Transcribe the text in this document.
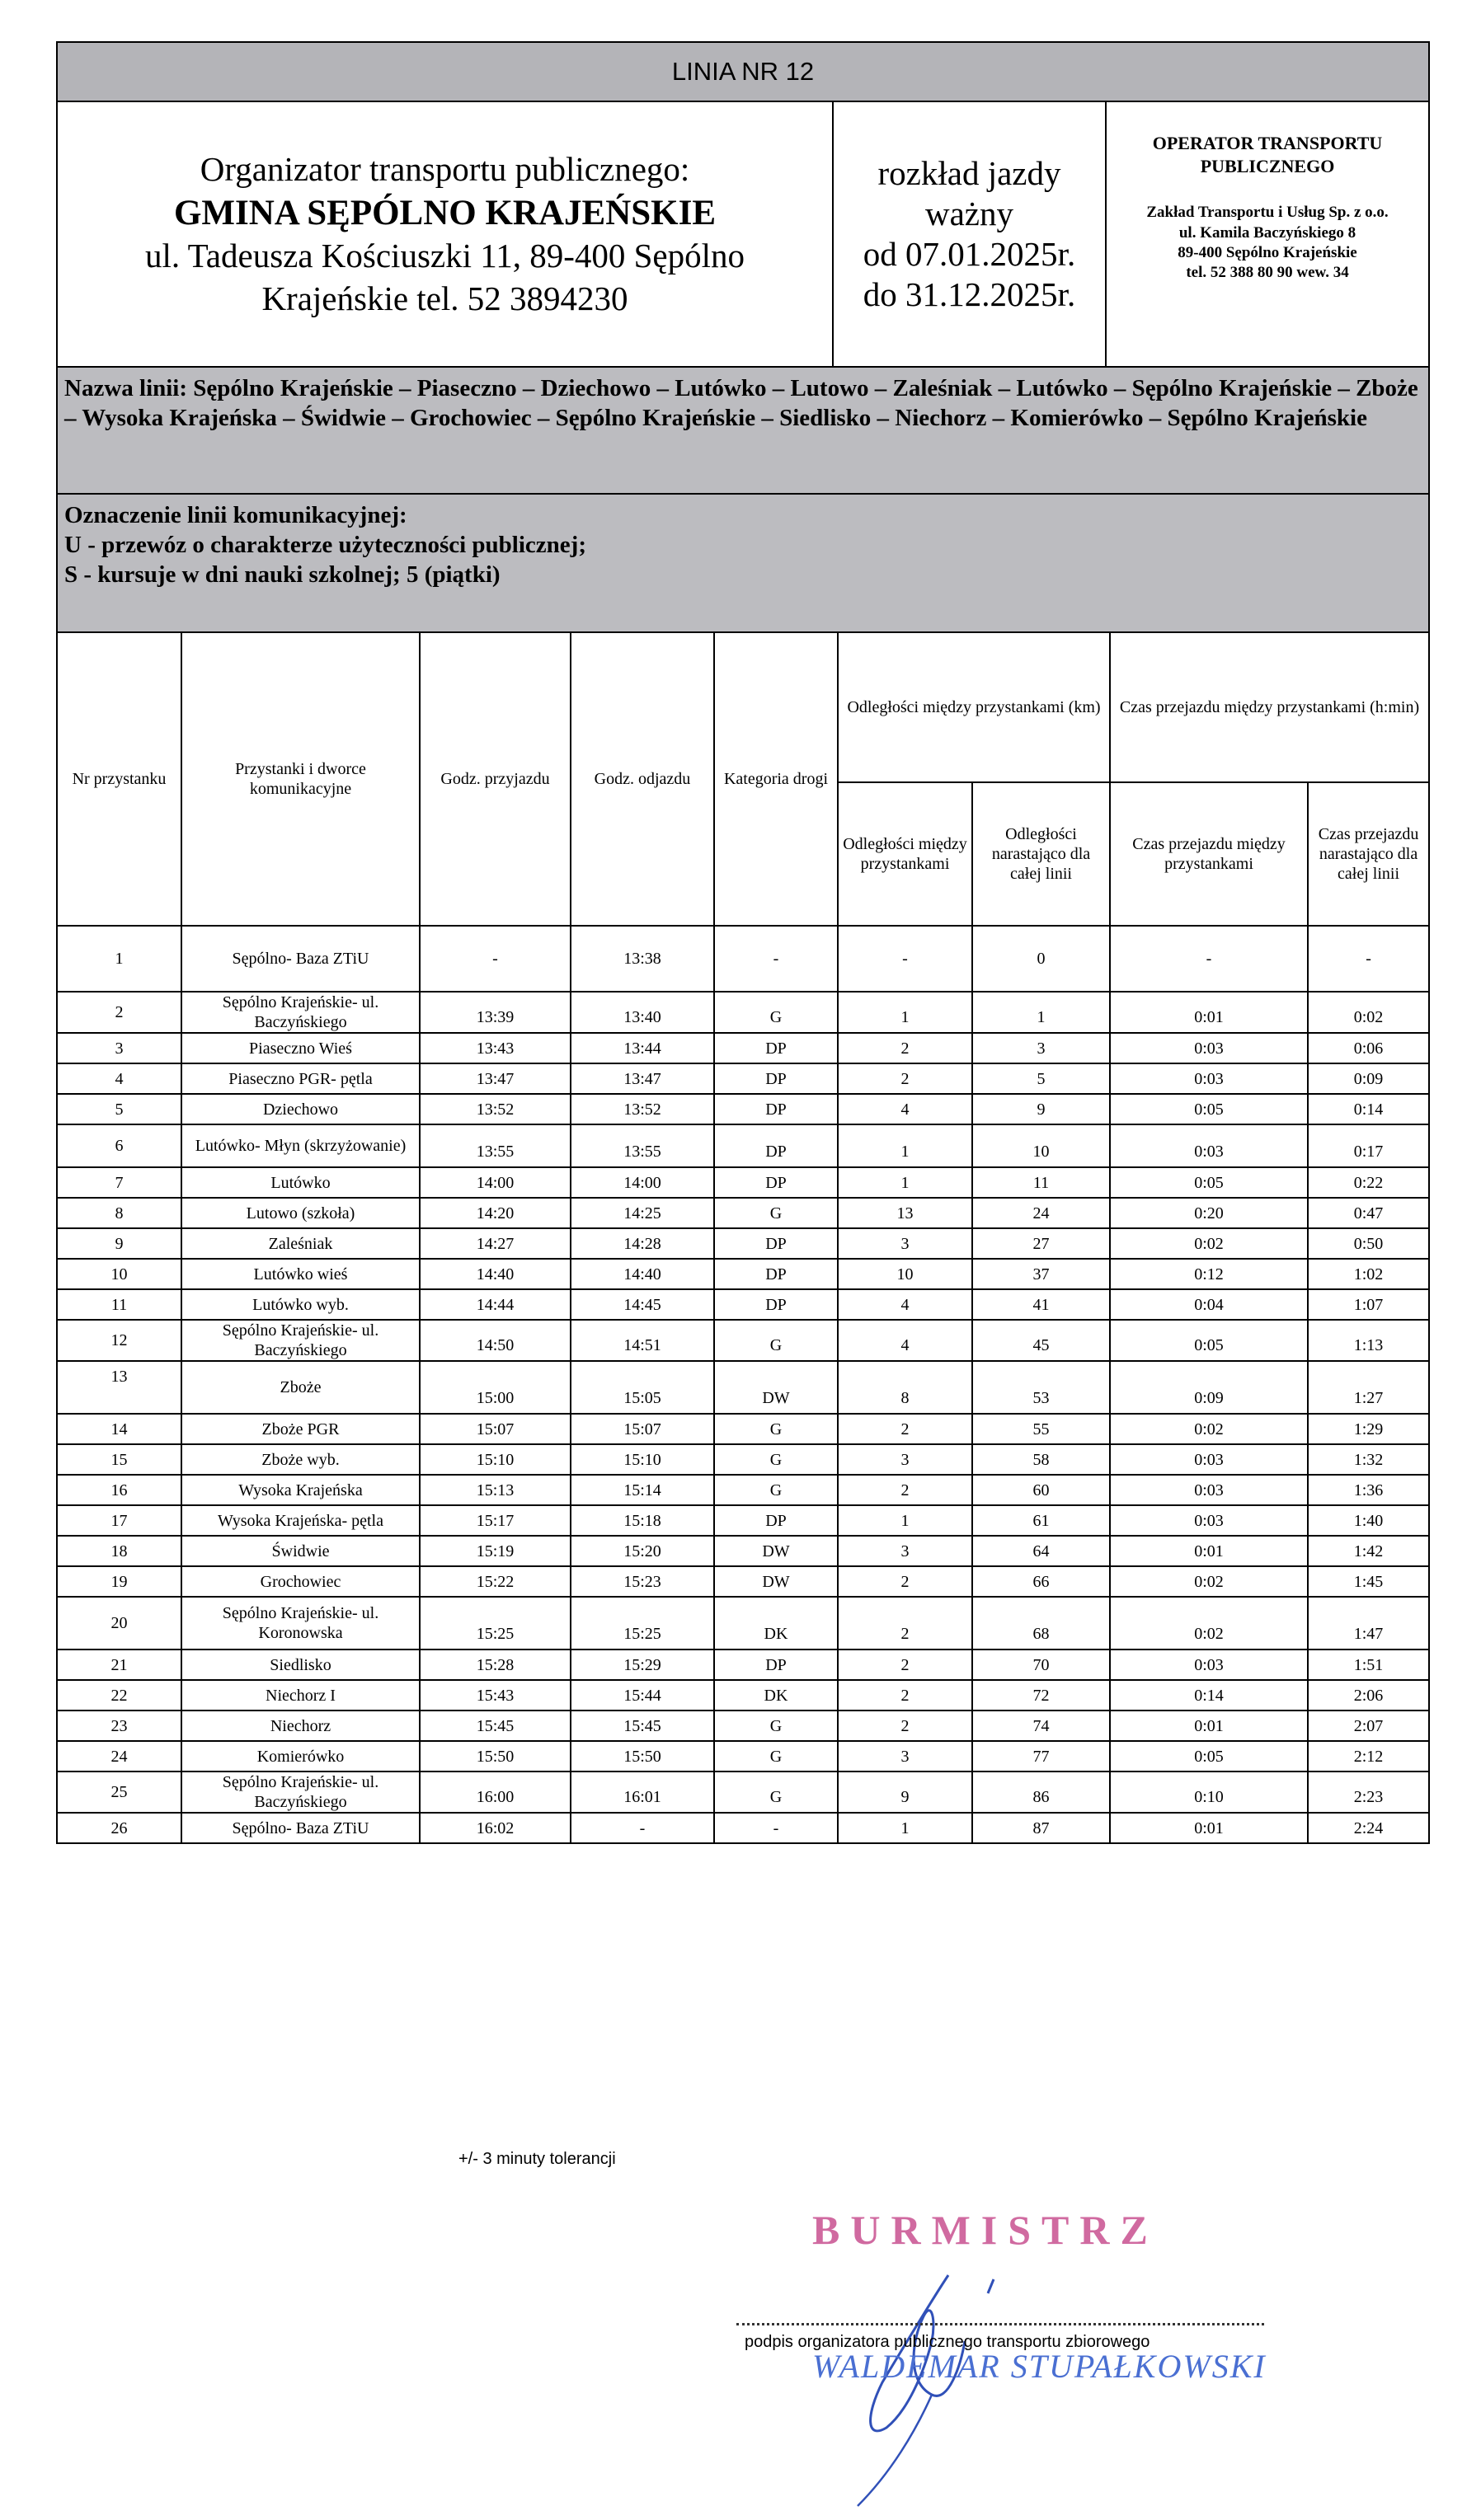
LINIA NR 12

Organizator transportu publicznego:
GMINA SĘPÓLNO KRAJEŃSKIE
ul. Tadeusza Kościuszki 11, 89-400 Sępólno
Krajeńskie tel. 52 3894230

rozkład jazdy
ważny
od 07.01.2025r.
do 31.12.2025r.

OPERATOR TRANSPORTU PUBLICZNEGO
Zakład Transportu i Usług Sp. z o.o.
ul. Kamila Baczyńskiego 8
89-400 Sępólno Krajeńskie
tel. 52 388 80 90 wew. 34

Nazwa linii: Sępólno Krajeńskie – Piaseczno – Dziechowo – Lutówko – Lutowo – Zaleśniak – Lutówko – Sępólno Krajeńskie – Zboże – Wysoka Krajeńska – Świdwie – Grochowiec – Sępólno Krajeńskie – Siedlisko – Niechorz – Komierówko – Sępólno Krajeńskie

Oznaczenie linii komunikacyjnej:
U - przewóz o charakterze użyteczności publicznej;
S - kursuje w dni nauki szkolnej; 5 (piątki)
Nr przystanku	Przystanki i dworce komunikacyjne	Godz. przyjazdu	Godz. odjazdu	Kategoria drogi	Odległości między przystankami (km)		Czas przejazdu między przystankami (h:min)	
					Odległości między przystankami	Odległości narastająco dla całej linii	Czas przejazdu między przystankami	Czas przejazdu narastająco dla całej linii
1	Sępólno- Baza ZTiU	-	13:38	-	-	0	-	-
2	Sępólno Krajeńskie- ul. Baczyńskiego	13:39	13:40	G	1	1	0:01	0:02
3	Piaseczno Wieś	13:43	13:44	DP	2	3	0:03	0:06
4	Piaseczno PGR- pętla	13:47	13:47	DP	2	5	0:03	0:09
5	Dziechowo	13:52	13:52	DP	4	9	0:05	0:14
6	Lutówko- Młyn (skrzyżowanie)	13:55	13:55	DP	1	10	0:03	0:17
7	Lutówko	14:00	14:00	DP	1	11	0:05	0:22
8	Lutowo (szkoła)	14:20	14:25	G	13	24	0:20	0:47
9	Zaleśniak	14:27	14:28	DP	3	27	0:02	0:50
10	Lutówko wieś	14:40	14:40	DP	10	37	0:12	1:02
11	Lutówko wyb.	14:44	14:45	DP	4	41	0:04	1:07
12	Sępólno Krajeńskie- ul. Baczyńskiego	14:50	14:51	G	4	45	0:05	1:13
13	Zboże	15:00	15:05	DW	8	53	0:09	1:27
14	Zboże PGR	15:07	15:07	G	2	55	0:02	1:29
15	Zboże wyb.	15:10	15:10	G	3	58	0:03	1:32
16	Wysoka Krajeńska	15:13	15:14	G	2	60	0:03	1:36
17	Wysoka Krajeńska- pętla	15:17	15:18	DP	1	61	0:03	1:40
18	Świdwie	15:19	15:20	DW	3	64	0:01	1:42
19	Grochowiec	15:22	15:23	DW	2	66	0:02	1:45
20	Sępólno Krajeńskie- ul. Koronowska	15:25	15:25	DK	2	68	0:02	1:47
21	Siedlisko	15:28	15:29	DP	2	70	0:03	1:51
22	Niechorz I	15:43	15:44	DK	2	72	0:14	2:06
23	Niechorz	15:45	15:45	G	2	74	0:01	2:07
24	Komierówko	15:50	15:50	G	3	77	0:05	2:12
25	Sępólno Krajeńskie- ul. Baczyńskiego	16:00	16:01	G	9	86	0:10	2:23
26	Sępólno- Baza ZTiU	16:02	-	-	1	87	0:01	2:24
+/- 3 minuty tolerancji
BURMISTRZ
podpis organizatora publicznego transportu zbiorowego
WALDEMAR STUPAŁKOWSKI
